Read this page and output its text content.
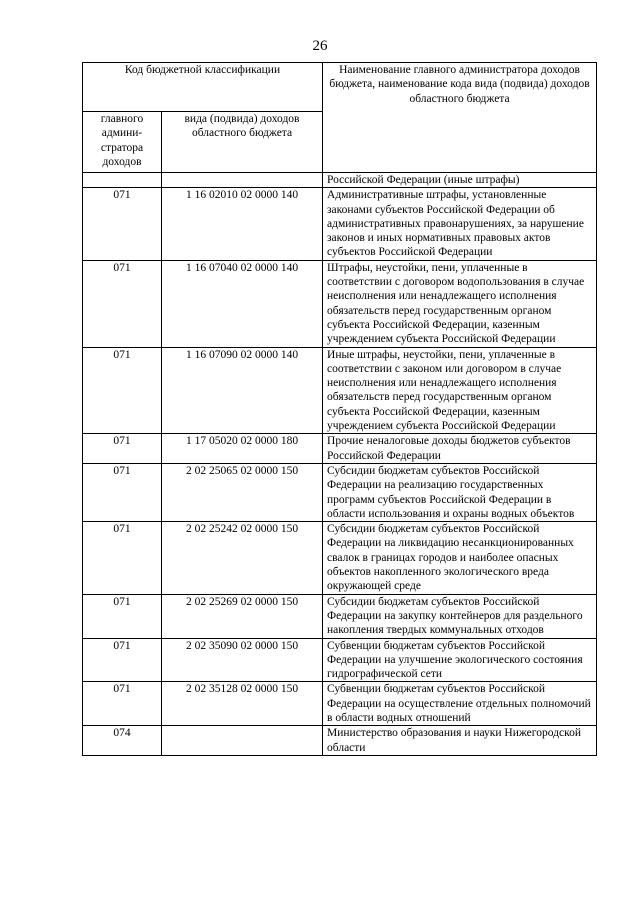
26
Код бюджетной классификации		Наименование главного администратора доходов бюджета, наименование кода вида (подвида) доходов областного бюджета
главного админи-стратора доходов	вида (подвида) доходов областного бюджета	
		Российской Федерации (иные штрафы)
071	1 16 02010 02 0000 140	Административные штрафы, установленные законами субъектов Российской Федерации об административных правонарушениях, за нарушение законов и иных нормативных правовых актов субъектов Российской Федерации
071	1 16 07040 02 0000 140	Штрафы, неустойки, пени, уплаченные в соответствии с договором водопользования в случае неисполнения или ненадлежащего исполнения обязательств перед государственным органом субъекта Российской Федерации, казенным учреждением субъекта Российской Федерации
071	1 16 07090 02 0000 140	Иные штрафы, неустойки, пени, уплаченные в соответствии с законом или договором в случае неисполнения или ненадлежащего исполнения обязательств перед государственным органом субъекта Российской Федерации, казенным учреждением субъекта Российской Федерации
071	1 17 05020 02 0000 180	Прочие неналоговые доходы бюджетов субъектов Российской Федерации
071	2 02 25065 02 0000 150	Субсидии бюджетам субъектов Российской Федерации на реализацию государственных программ субъектов Российской Федерации в области использования и охраны водных объектов
071	2 02 25242 02 0000 150	Субсидии бюджетам субъектов Российской Федерации на ликвидацию несанкционированных свалок в границах городов и наиболее опасных объектов накопленного экологического вреда окружающей среде
071	2 02 25269 02 0000 150	Субсидии бюджетам субъектов Российской Федерации на закупку контейнеров для раздельного накопления твердых коммунальных отходов
071	2 02 35090 02 0000 150	Субвенции бюджетам субъектов Российской Федерации на улучшение экологического состояния гидрографической сети
071	2 02 35128 02 0000 150	Субвенции бюджетам субъектов Российской Федерации на осуществление отдельных полномочий в области водных отношений
074		Министерство образования и науки Нижегородской области
